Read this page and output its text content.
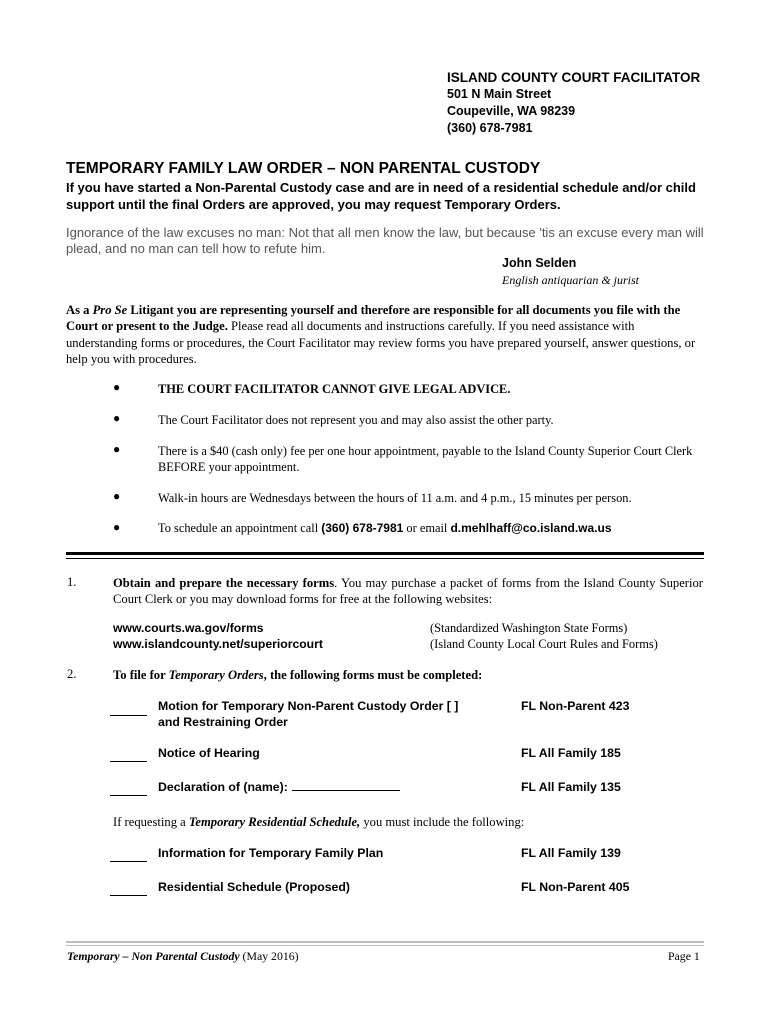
ISLAND COUNTY COURT FACILITATOR
501 N Main Street
Coupeville, WA 98239
(360) 678-7981
TEMPORARY FAMILY LAW ORDER – NON PARENTAL CUSTODY
If you have started a Non-Parental Custody case and are in need of a residential schedule and/or child support until the final Orders are approved, you may request Temporary Orders.
Ignorance of the law excuses no man: Not that all men know the law, but because 'tis an excuse every man will plead, and no man can tell how to refute him.
John Selden
English antiquarian & jurist
As a Pro Se Litigant you are representing yourself and therefore are responsible for all documents you file with the Court or present to the Judge. Please read all documents and instructions carefully. If you need assistance with understanding forms or procedures, the Court Facilitator may review forms you have prepared yourself, answer questions, or help you with procedures.
●	THE COURT FACILITATOR CANNOT GIVE LEGAL ADVICE.
●	The Court Facilitator does not represent you and may also assist the other party.
●	There is a $40 (cash only) fee per one hour appointment, payable to the Island County Superior Court Clerk BEFORE your appointment.
●	Walk-in hours are Wednesdays between the hours of 11 a.m. and 4 p.m., 15 minutes per person.
●	To schedule an appointment call (360) 678-7981 or email d.mehlhaff@co.island.wa.us
1.	Obtain and prepare the necessary forms. You may purchase a packet of forms from the Island County Superior Court Clerk or you may download forms for free at the following websites:
www.courts.wa.gov/forms	(Standardized Washington State Forms)
www.islandcounty.net/superiorcourt	(Island County Local Court Rules and Forms)
2.	To file for Temporary Orders, the following forms must be completed:
Motion for Temporary Non-Parent Custody Order [ ]
and Restraining Order
FL Non-Parent 423
Notice of Hearing	FL All Family 185
Declaration of (name):	FL All Family 135
If requesting a Temporary Residential Schedule, you must include the following:
Information for Temporary Family Plan	FL All Family 139
Residential Schedule (Proposed)	FL Non-Parent 405
Temporary – Non Parental Custody (May 2016)	Page 1
